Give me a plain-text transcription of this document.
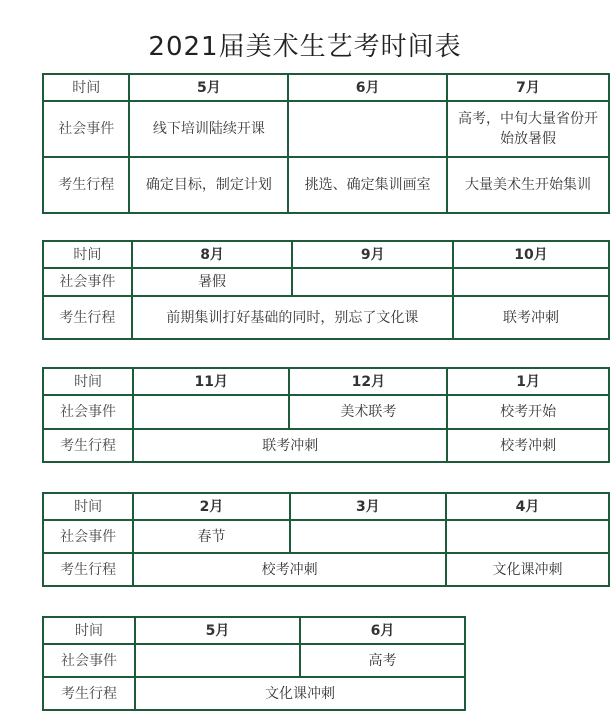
2021届美术生艺考时间表
时间	5月	6月	7月
社会事件	线下培训陆续开课		高考，中旬大量省份开始放暑假
考生行程	确定目标，制定计划	挑选、确定集训画室	大量美术生开始集训
时间	8月	9月	10月
社会事件	暑假		
考生行程	前期集训打好基础的同时，别忘了文化课		联考冲刺
时间	11月	12月	1月
社会事件		美术联考	校考开始
考生行程	联考冲刺		校考冲刺
时间	2月	3月	4月
社会事件	春节		
考生行程	校考冲刺		文化课冲刺
时间	5月	6月
社会事件		高考
考生行程	文化课冲刺	
